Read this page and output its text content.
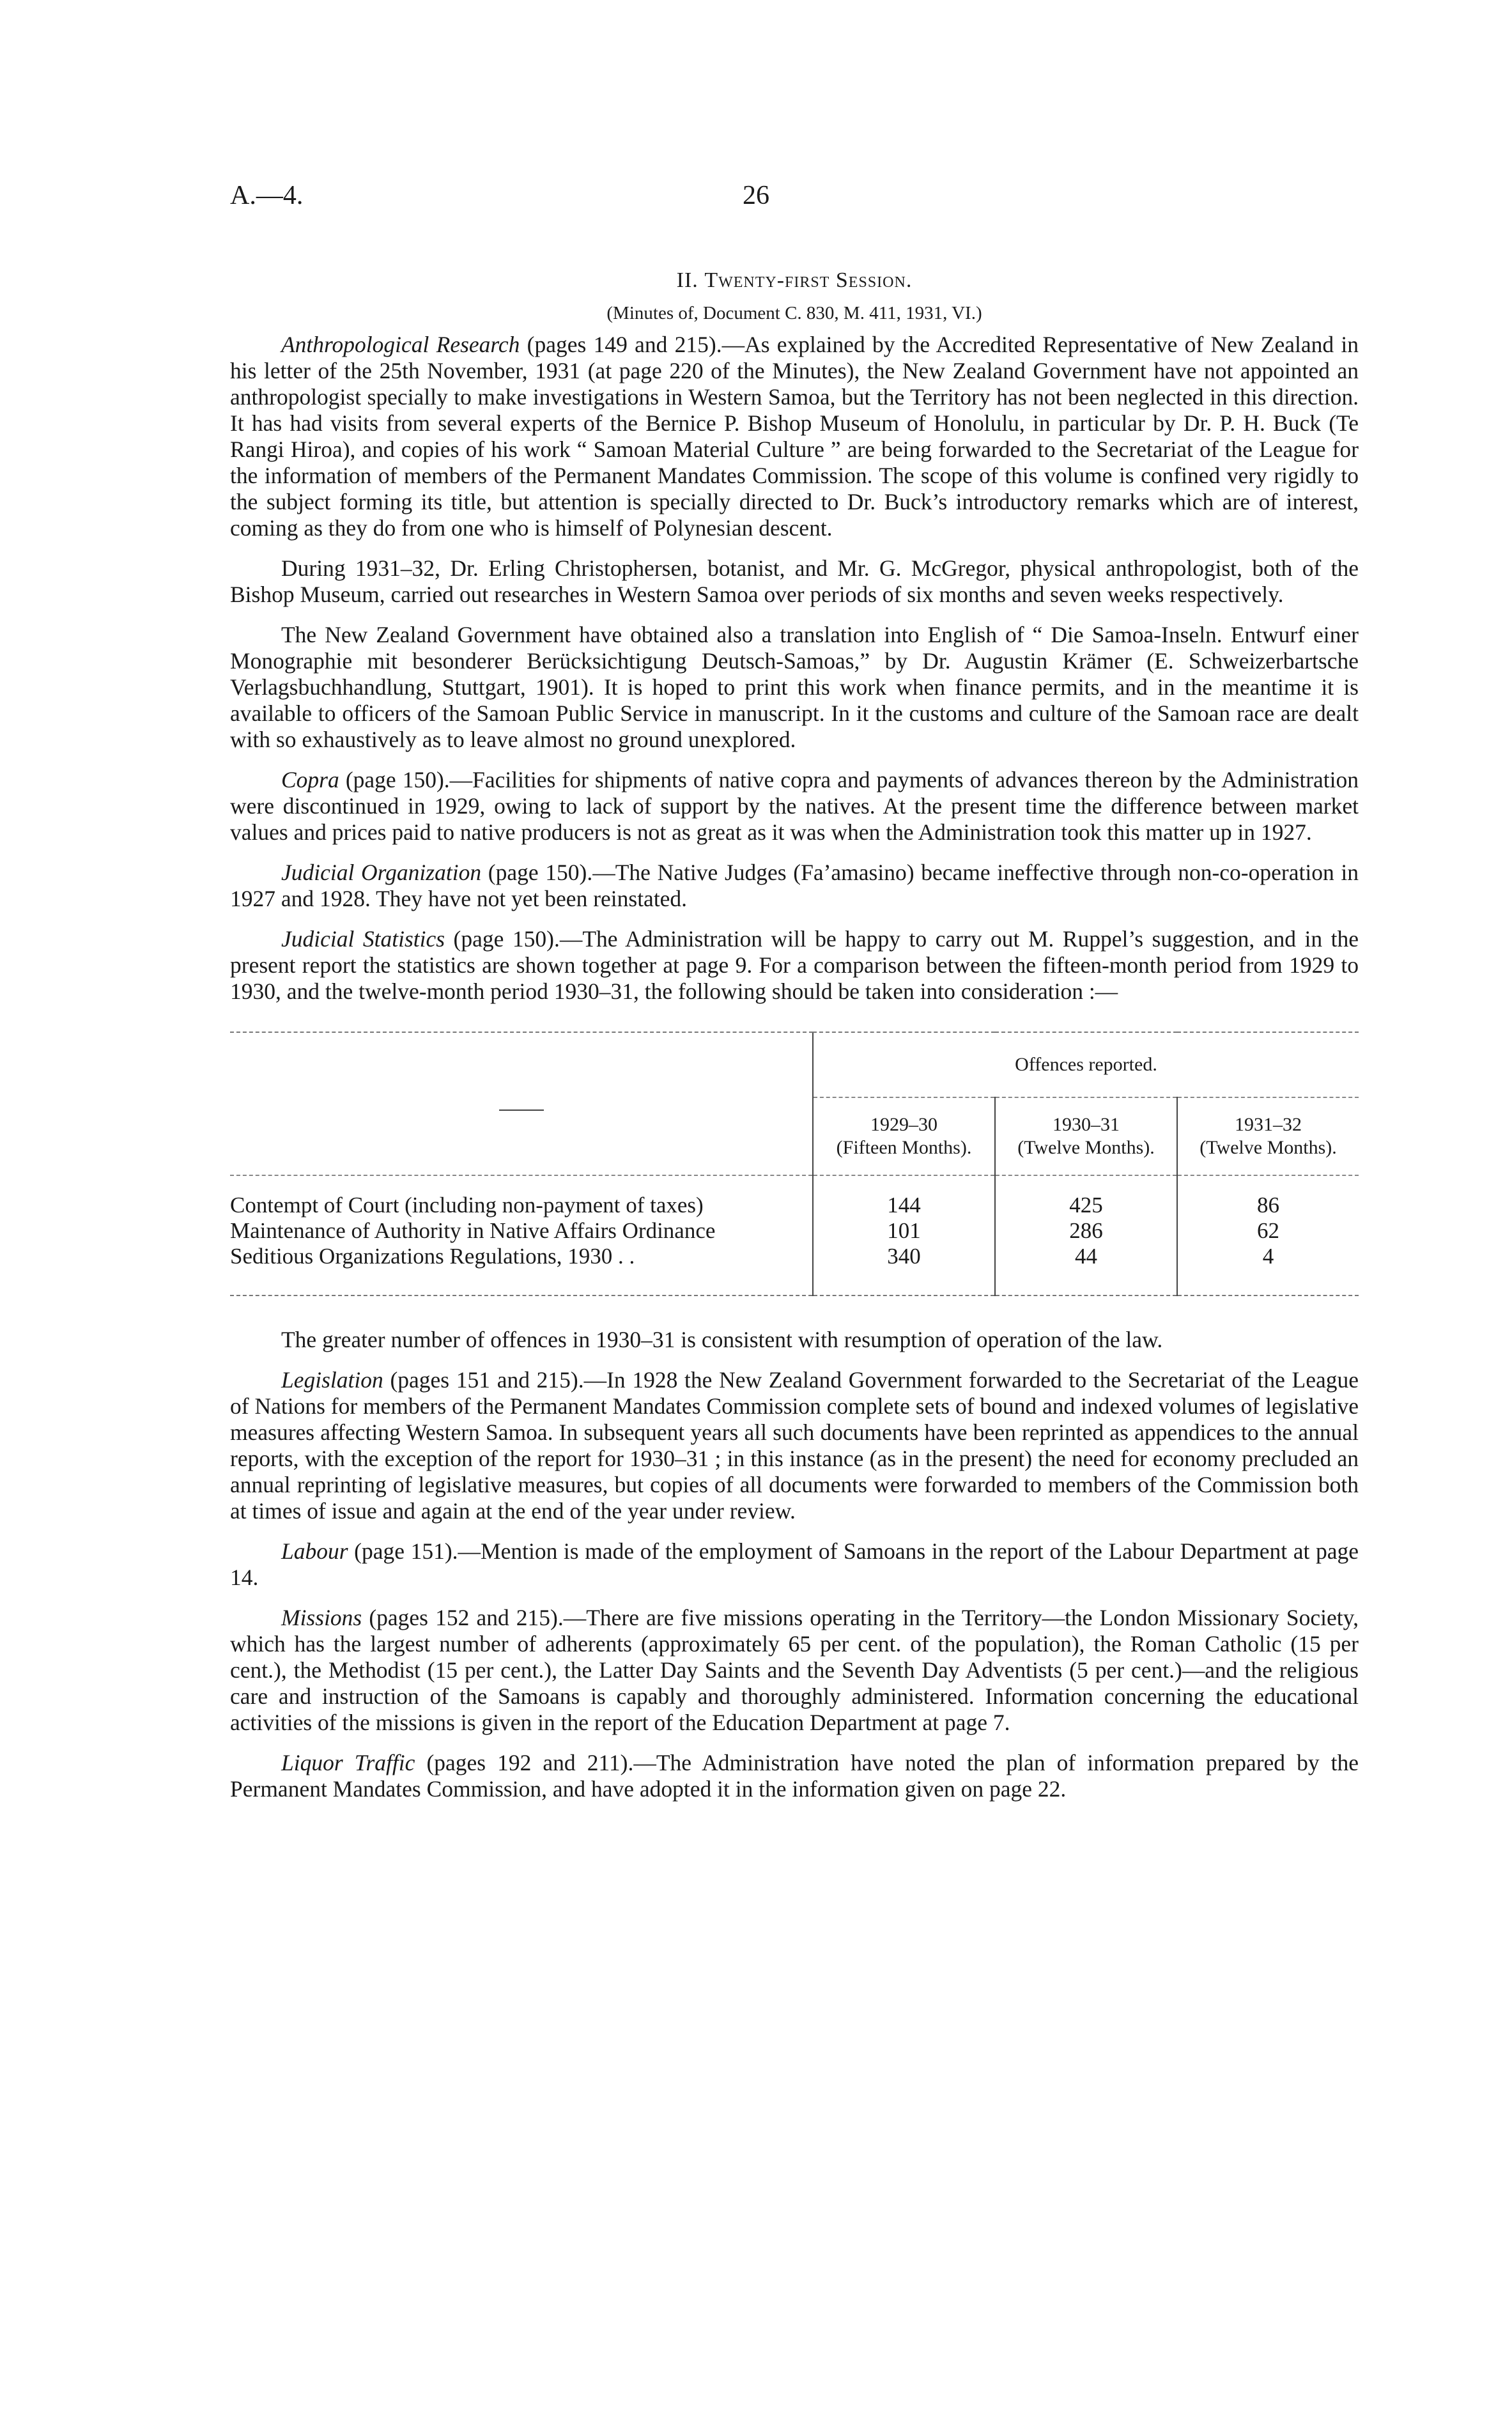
A.—4.	26
II. Twenty-first Session.
(Minutes of, Document C. 830, M. 411, 1931, VI.)

Anthropological Research (pages 149 and 215).—As explained by the Accredited Representative of New Zealand in his letter of the 25th November, 1931 (at page 220 of the Minutes), the New Zealand Government have not appointed an anthropologist specially to make investigations in Western Samoa, but the Territory has not been neglected in this direction. It has had visits from several experts of the Bernice P. Bishop Museum of Honolulu, in particular by Dr. P. H. Buck (Te Rangi Hiroa), and copies of his work “ Samoan Material Culture ” are being forwarded to the Secretariat of the League for the information of members of the Permanent Mandates Commission. The scope of this volume is confined very rigidly to the subject forming its title, but attention is specially directed to Dr. Buck’s introductory remarks which are of interest, coming as they do from one who is himself of Polynesian descent.

During 1931–32, Dr. Erling Christophersen, botanist, and Mr. G. McGregor, physical anthropologist, both of the Bishop Museum, carried out researches in Western Samoa over periods of six months and seven weeks respectively.

The New Zealand Government have obtained also a translation into English of “ Die Samoa-Inseln. Entwurf einer Monographie mit besonderer Berücksichtigung Deutsch-Samoas,” by Dr. Augustin Krämer (E. Schweizerbartsche Verlagsbuchhandlung, Stuttgart, 1901). It is hoped to print this work when finance permits, and in the meantime it is available to officers of the Samoan Public Service in manuscript. In it the customs and culture of the Samoan race are dealt with so exhaustively as to leave almost no ground unexplored.

Copra (page 150).—Facilities for shipments of native copra and payments of advances thereon by the Administration were discontinued in 1929, owing to lack of support by the natives. At the present time the difference between market values and prices paid to native producers is not as great as it was when the Administration took this matter up in 1927.

Judicial Organization (page 150).—The Native Judges (Fa’amasino) became ineffective through non-co-operation in 1927 and 1928. They have not yet been reinstated.

Judicial Statistics (page 150).—The Administration will be happy to carry out M. Ruppel’s suggestion, and in the present report the statistics are shown together at page 9. For a comparison between the fifteen-month period from 1929 to 1930, and the twelve-month period 1930–31, the following should be taken into consideration :—

	Offences reported.		

	1929–30
(Fifteen Months).	1930–31
(Twelve Months).	1931–32
(Twelve Months).

Contempt of Court (including non-payment of taxes)	144	425	86
Maintenance of Authority in Native Affairs Ordinance	101	286	62
Seditious Organizations Regulations, 1930 . .	340	44	4

The greater number of offences in 1930–31 is consistent with resumption of operation of the law.

Legislation (pages 151 and 215).—In 1928 the New Zealand Government forwarded to the Secretariat of the League of Nations for members of the Permanent Mandates Commission complete sets of bound and indexed volumes of legislative measures affecting Western Samoa. In subsequent years all such documents have been reprinted as appendices to the annual reports, with the exception of the report for 1930–31 ; in this instance (as in the present) the need for economy precluded an annual reprinting of legislative measures, but copies of all documents were forwarded to members of the Commission both at times of issue and again at the end of the year under review.

Labour (page 151).—Mention is made of the employment of Samoans in the report of the Labour Department at page 14.

Missions (pages 152 and 215).—There are five missions operating in the Territory—the London Missionary Society, which has the largest number of adherents (approximately 65 per cent. of the population), the Roman Catholic (15 per cent.), the Methodist (15 per cent.), the Latter Day Saints and the Seventh Day Adventists (5 per cent.)—and the religious care and instruction of the Samoans is capably and thoroughly administered. Information concerning the educational activities of the missions is given in the report of the Education Department at page 7.

Liquor Traffic (pages 192 and 211).—The Administration have noted the plan of information prepared by the Permanent Mandates Commission, and have adopted it in the information given on page 22.
